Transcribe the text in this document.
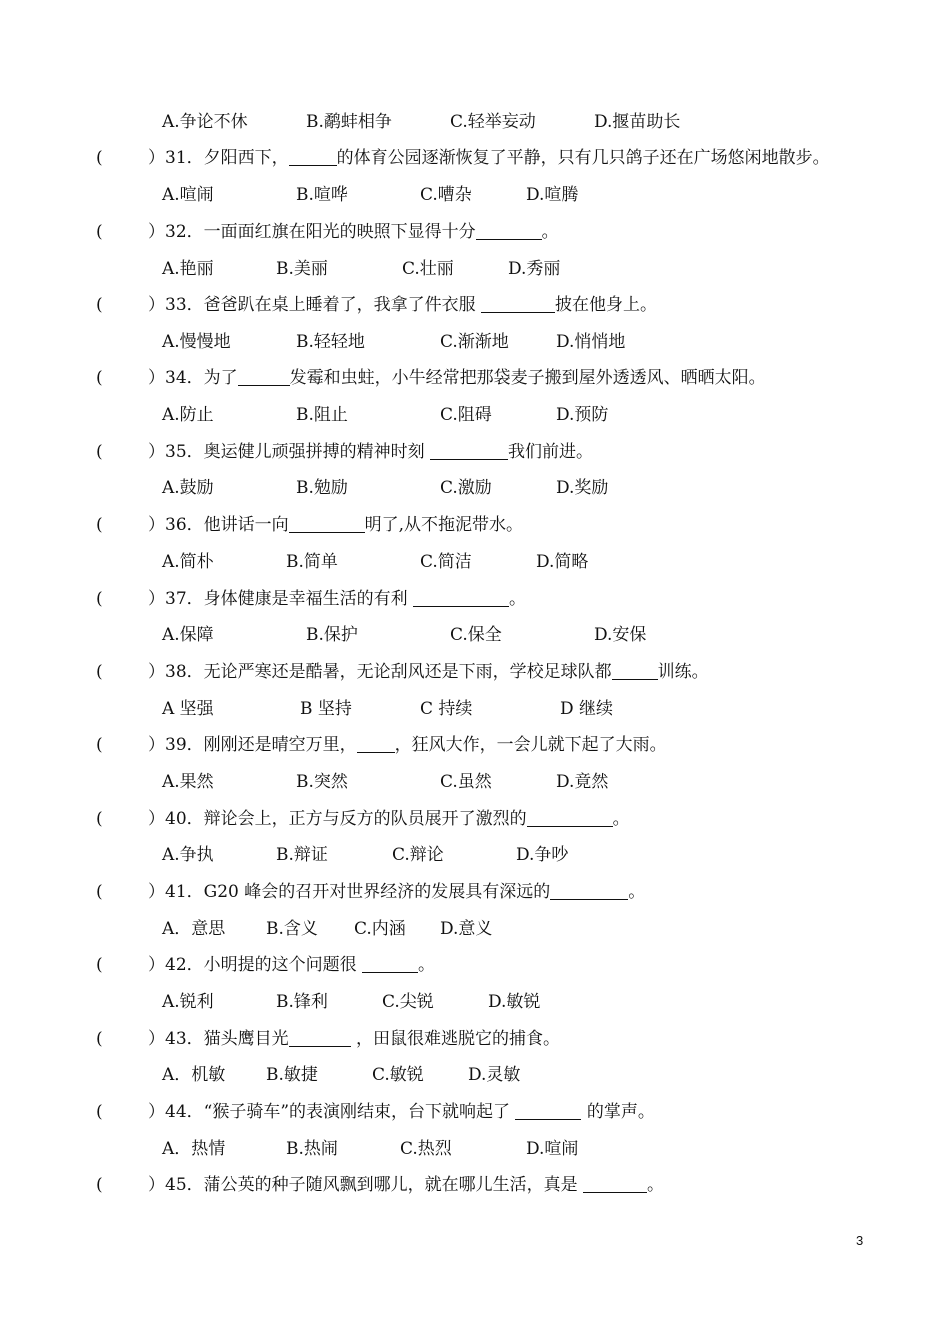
A.争论不休	B.鹬蚌相争	C.轻举妄动	D.揠苗助长
(	）31．夕阳西下，	的体育公园逐渐恢复了平静，只有几只鸽子还在广场悠闲地散步。
A.喧闹	B.喧哗	C.嘈杂	D.喧腾
(	）32．一面面红旗在阳光的映照下显得十分	。
A.艳丽	B.美丽	C.壮丽	D.秀丽
(	）33．爸爸趴在桌上睡着了，我拿了件衣服	披在他身上。
A.慢慢地	B.轻轻地	C.渐渐地	D.悄悄地
(	）34．为了	发霉和虫蛀，小牛经常把那袋麦子搬到屋外透透风、晒晒太阳。
A.防止	B.阻止	C.阻碍	D.预防
(	）35．奥运健儿顽强拼搏的精神时刻	我们前进。
A.鼓励	B.勉励	C.激励	D.奖励
(	）36．他讲话一向	明了,从不拖泥带水。
A.简朴	B.简单	C.简洁	D.简略
(	）37．身体健康是幸福生活的有利	。
A.保障	B.保护	C.保全	D.安保
(	）38．无论严寒还是酷暑，无论刮风还是下雨，学校足球队都	训练。
A 坚强	B 坚持	C 持续	D 继续
(	）39．刚刚还是晴空万里， ，狂风大作，一会儿就下起了大雨。
A.果然	B.突然	C.虽然	D.竟然
(	）40．辩论会上，正方与反方的队员展开了激烈的	。
A.争执	B.辩证	C.辩论	D.争吵
(	）41．G20 峰会的召开对世界经济的发展具有深远的	。
A．意思 B.含义 C.内涵 D.意义
(	）42．小明提的这个问题很	。
A.锐利	B.锋利	C.尖锐	D.敏锐
(	）43．猫头鹰目光	，田鼠很难逃脱它的捕食。
A．机敏 B.敏捷	C.敏锐	D.灵敏
(	）44．“猴子骑车”的表演刚结束，台下就响起了	的掌声。
A．热情	B.热闹	C.热烈	D.喧闹
(	）45．蒲公英的种子随风飘到哪儿，就在哪儿生活，真是	。
3
